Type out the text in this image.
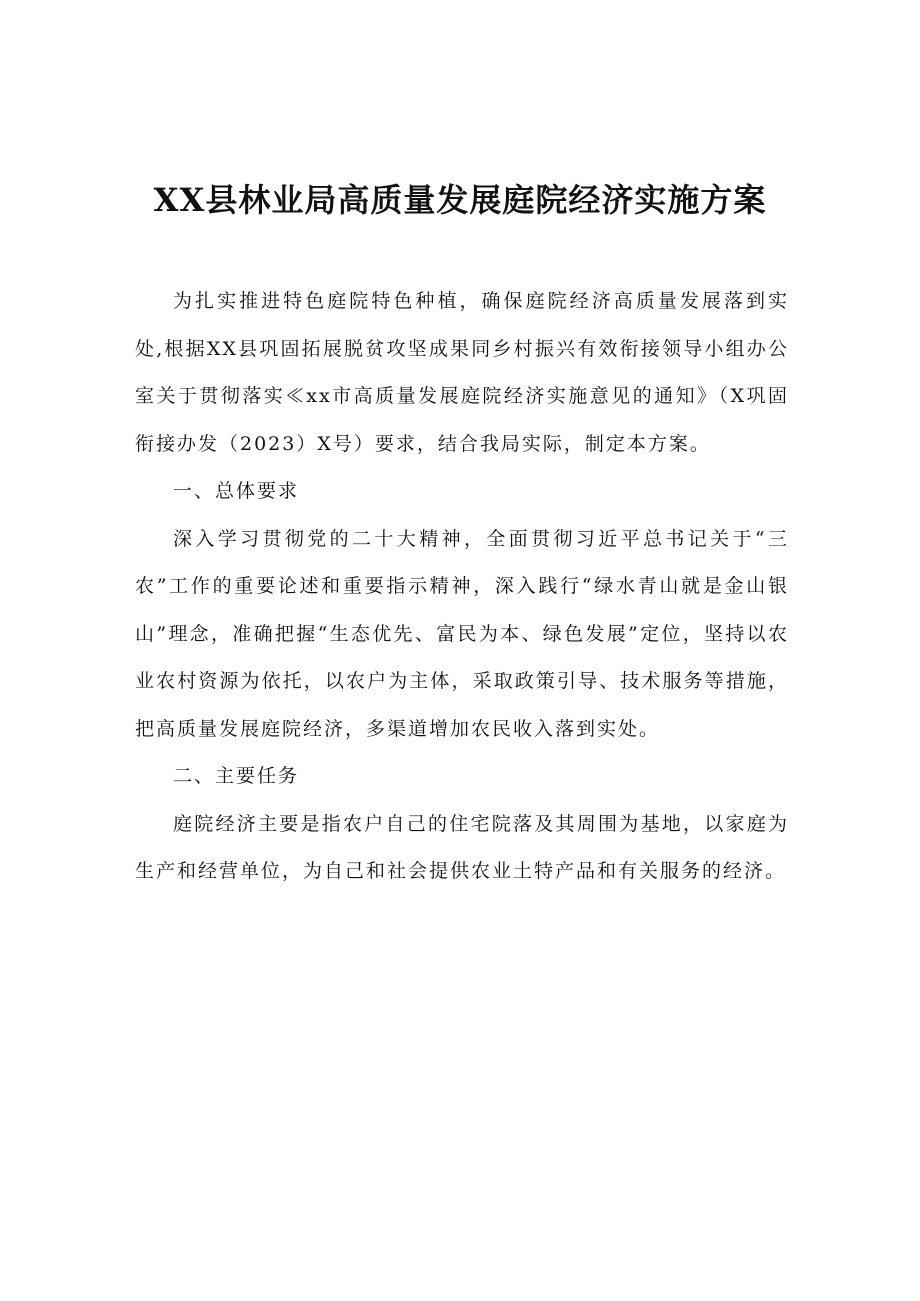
XX县林业局高质量发展庭院经济实施方案

为扎实推进特色庭院特色种植，确保庭院经济高质量发展落到实处,根据XX县巩固拓展脱贫攻坚成果同乡村振兴有效衔接领导小组办公室关于贯彻落实≪xx市高质量发展庭院经济实施意见的通知》（X巩固衔接办发（2023）X号）要求，结合我局实际，制定本方案。

一、总体要求

深入学习贯彻党的二十大精神，全面贯彻习近平总书记关于“三农”工作的重要论述和重要指示精神，深入践行“绿水青山就是金山银山”理念，准确把握“生态优先、富民为本、绿色发展”定位，坚持以农业农村资源为依托，以农户为主体，采取政策引导、技术服务等措施，把高质量发展庭院经济，多渠道增加农民收入落到实处。

二、主要任务

庭院经济主要是指农户自己的住宅院落及其周围为基地，以家庭为生产和经营单位，为自己和社会提供农业土特产品和有关服务的经济。
